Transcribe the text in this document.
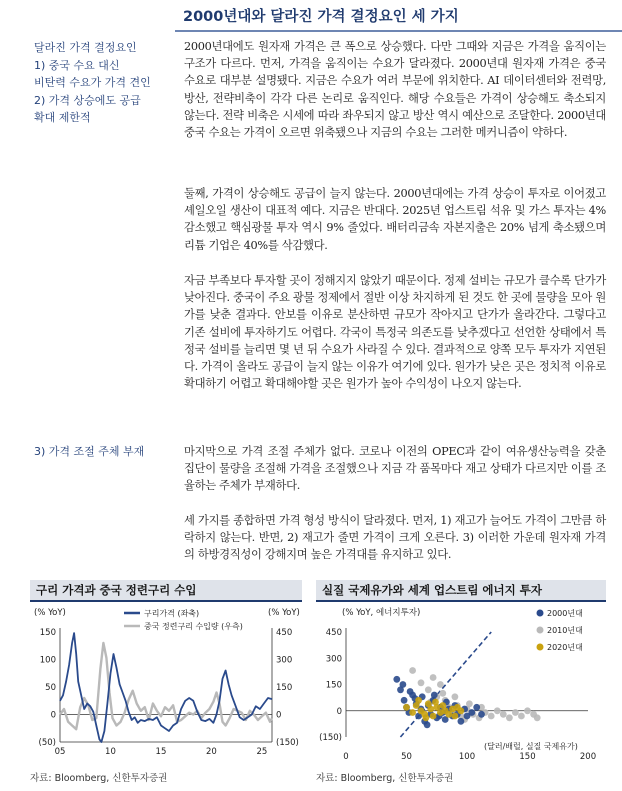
2000년대와 달라진 가격 결정요인 세 가지
달라진 가격 결정요인
1) 중국 수요 대신
비탄력 수요가 가격 견인
2) 가격 상승에도 공급
확대 제한적
3) 가격 조절 주체 부재
2000년대에도 원자재 가격은 큰 폭으로 상승했다. 다만 그때와 지금은 가격을 움직이는 구조가 다르다. 먼저, 가격을 움직이는 수요가 달라졌다. 2000년대 원자재 가격은 중국 수요로 대부분 설명됐다. 지금은 수요가 여러 부문에 위치한다. AI 데이터센터와 전력망, 방산, 전략비축이 각각 다른 논리로 움직인다. 해당 수요들은 가격이 상승해도 축소되지 않는다. 전략 비축은 시세에 따라 좌우되지 않고 방산 역시 예산으로 조달한다. 2000년대 중국 수요는 가격이 오르면 위축됐으나 지금의 수요는 그러한 메커니즘이 약하다.
둘째, 가격이 상승해도 공급이 늘지 않는다. 2000년대에는 가격 상승이 투자로 이어졌고 셰일오일 생산이 대표적 예다. 지금은 반대다. 2025년 업스트림 석유 및 가스 투자는 4% 감소했고 핵심광물 투자 역시 9% 줄었다. 배터리금속 자본지출은 20% 넘게 축소됐으며 리튬 기업은 40%를 삭감했다.
자금 부족보다 투자할 곳이 정해지지 않았기 때문이다. 정제 설비는 규모가 클수록 단가가 낮아진다. 중국이 주요 광물 정제에서 절반 이상 차지하게 된 것도 한 곳에 물량을 모아 원가를 낮춘 결과다. 안보를 이유로 분산하면 규모가 작아지고 단가가 올라간다. 그렇다고 기존 설비에 투자하기도 어렵다. 각국이 특정국 의존도를 낮추겠다고 선언한 상태에서 특정국 설비를 늘리면 몇 년 뒤 수요가 사라질 수 있다. 결과적으로 양쪽 모두 투자가 지연된다. 가격이 올라도 공급이 늘지 않는 이유가 여기에 있다. 원가가 낮은 곳은 정치적 이유로 확대하기 어렵고 확대해야할 곳은 원가가 높아 수익성이 나오지 않는다.
마지막으로 가격 조절 주체가 없다. 코로나 이전의 OPEC과 같이 여유생산능력을 갖춘 집단이 물량을 조절해 가격을 조절했으나 지금 각 품목마다 재고 상태가 다르지만 이를 조율하는 주체가 부재하다.
세 가지를 종합하면 가격 형성 방식이 달라졌다. 먼저, 1) 재고가 늘어도 가격이 그만큼 하락하지 않는다. 반면, 2) 재고가 줄면 가격이 크게 오른다. 3) 이러한 가운데 원자재 가격의 하방경직성이 강해지며 높은 가격대를 유지하고 있다.
구리 가격과 중국 정련구리 수입	실질 국제유가와 세계 업스트림 에너지 투자
(% YoY)	(% YoY)
구리가격 (좌축)
중국 정련구리 수입량 (우측)
150
100
50
0
(50)
450
300
150
0
(150)
05	10	15	20	25
(% YoY, 에너지투자)
(달러/배럴, 실질 국제유가)
450
300
150
0
(150)
0	50	100	150	200
2000년대
2010년대
2020년대
자료: Bloomberg, 신한투자증권	자료: Bloomberg, 신한투자증권
